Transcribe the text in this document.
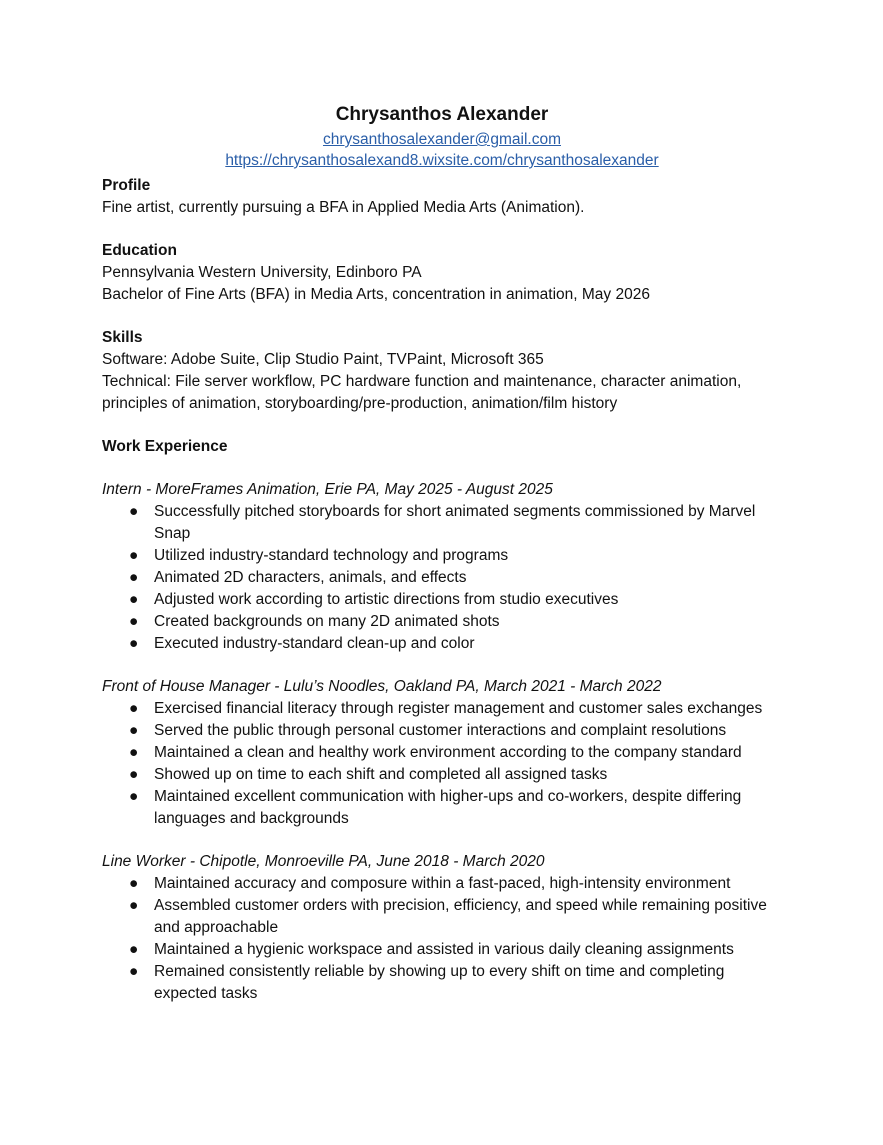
Chrysanthos Alexander
chrysanthosalexander@gmail.com
https://chrysanthosalexand8.wixsite.com/chrysanthosalexander
Profile
Fine artist, currently pursuing a BFA in Applied Media Arts (Animation).
Education
Pennsylvania Western University, Edinboro PA
Bachelor of Fine Arts (BFA) in Media Arts, concentration in animation, May 2026
Skills
Software: Adobe Suite, Clip Studio Paint, TVPaint, Microsoft 365
Technical: File server workflow, PC hardware function and maintenance, character animation, principles of animation, storyboarding/pre-production, animation/film history
Work Experience
Intern - MoreFrames Animation, Erie PA, May 2025 - August 2025
● Successfully pitched storyboards for short animated segments commissioned by Marvel Snap
● Utilized industry-standard technology and programs
● Animated 2D characters, animals, and effects
● Adjusted work according to artistic directions from studio executives
● Created backgrounds on many 2D animated shots
● Executed industry-standard clean-up and color
Front of House Manager - Lulu’s Noodles, Oakland PA, March 2021 - March 2022
● Exercised financial literacy through register management and customer sales exchanges
● Served the public through personal customer interactions and complaint resolutions
● Maintained a clean and healthy work environment according to the company standard
● Showed up on time to each shift and completed all assigned tasks
● Maintained excellent communication with higher-ups and co-workers, despite differing languages and backgrounds
Line Worker - Chipotle, Monroeville PA, June 2018 - March 2020
● Maintained accuracy and composure within a fast-paced, high-intensity environment
● Assembled customer orders with precision, efficiency, and speed while remaining positive and approachable
● Maintained a hygienic workspace and assisted in various daily cleaning assignments
● Remained consistently reliable by showing up to every shift on time and completing expected tasks
